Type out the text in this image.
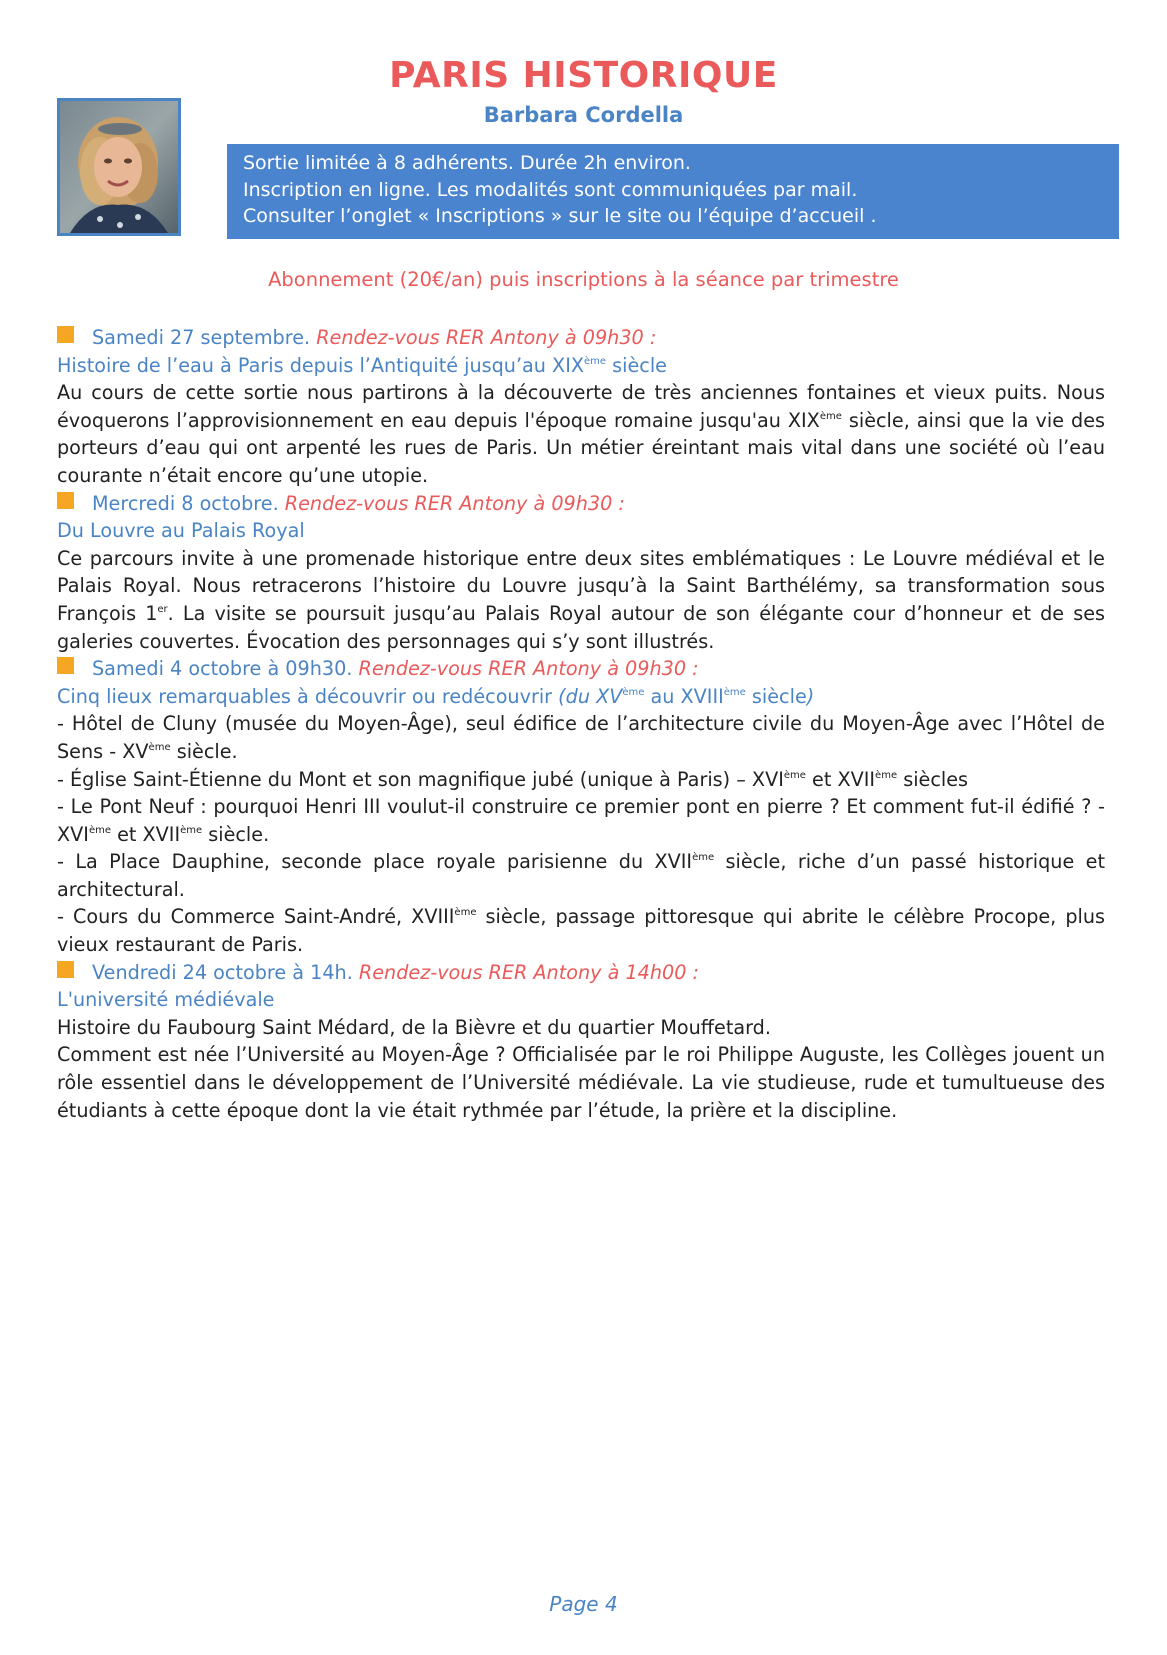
PARIS HISTORIQUE
Barbara Cordella
Sortie limitée à 8 adhérents. Durée 2h environ.
Inscription en ligne. Les modalités sont communiquées par mail.
Consulter l’onglet « Inscriptions » sur le site ou l’équipe d’accueil .
Abonnement (20€/an) puis inscriptions à la séance par trimestre
Samedi 27 septembre. Rendez-vous RER Antony à 09h30 :
Histoire de l’eau à Paris depuis l’Antiquité jusqu’au XIXème siècle
Au cours de cette sortie nous partirons à la découverte de très anciennes fontaines et vieux puits. Nous évoquerons l’approvisionnement en eau depuis l'époque romaine jusqu'au XIXème siècle, ainsi que la vie des porteurs d’eau qui ont arpenté les rues de Paris. Un métier éreintant mais vital dans une société où l’eau courante n’était encore qu’une utopie.
Mercredi 8 octobre. Rendez-vous RER Antony à 09h30 :
Du Louvre au Palais Royal
Ce parcours invite à une promenade historique entre deux sites emblématiques : Le Louvre médiéval et le Palais Royal. Nous retracerons l’histoire du Louvre jusqu’à la Saint Barthélémy, sa transformation sous François 1er. La visite se poursuit jusqu’au Palais Royal autour de son élégante cour d’honneur et de ses galeries couvertes. Évocation des personnages qui s’y sont illustrés.
Samedi 4 octobre à 09h30. Rendez-vous RER Antony à 09h30 :
Cinq lieux remarquables à découvrir ou redécouvrir (du XVème au XVIIIème siècle)
- Hôtel de Cluny (musée du Moyen-Âge), seul édifice de l’architecture civile du Moyen-Âge avec l’Hôtel de Sens - XVème siècle.
- Église Saint-Étienne du Mont et son magnifique jubé (unique à Paris) – XVIème et XVIIème siècles
- Le Pont Neuf : pourquoi Henri III voulut-il construire ce premier pont en pierre ? Et comment fut-il édifié ? - XVIème et XVIIème siècle.
- La Place Dauphine, seconde place royale parisienne du XVIIème siècle, riche d’un passé historique et architectural.
- Cours du Commerce Saint-André, XVIIIème siècle, passage pittoresque qui abrite le célèbre Procope, plus vieux restaurant de Paris.
Vendredi 24 octobre à 14h. Rendez-vous RER Antony à 14h00 :
L'université médiévale
Histoire du Faubourg Saint Médard, de la Bièvre et du quartier Mouffetard.
Comment est née l’Université au Moyen-Âge ? Officialisée par le roi Philippe Auguste, les Collèges jouent un rôle essentiel dans le développement de l’Université médiévale. La vie studieuse, rude et tumultueuse des étudiants à cette époque dont la vie était rythmée par l’étude, la prière et la discipline.
Page 4
